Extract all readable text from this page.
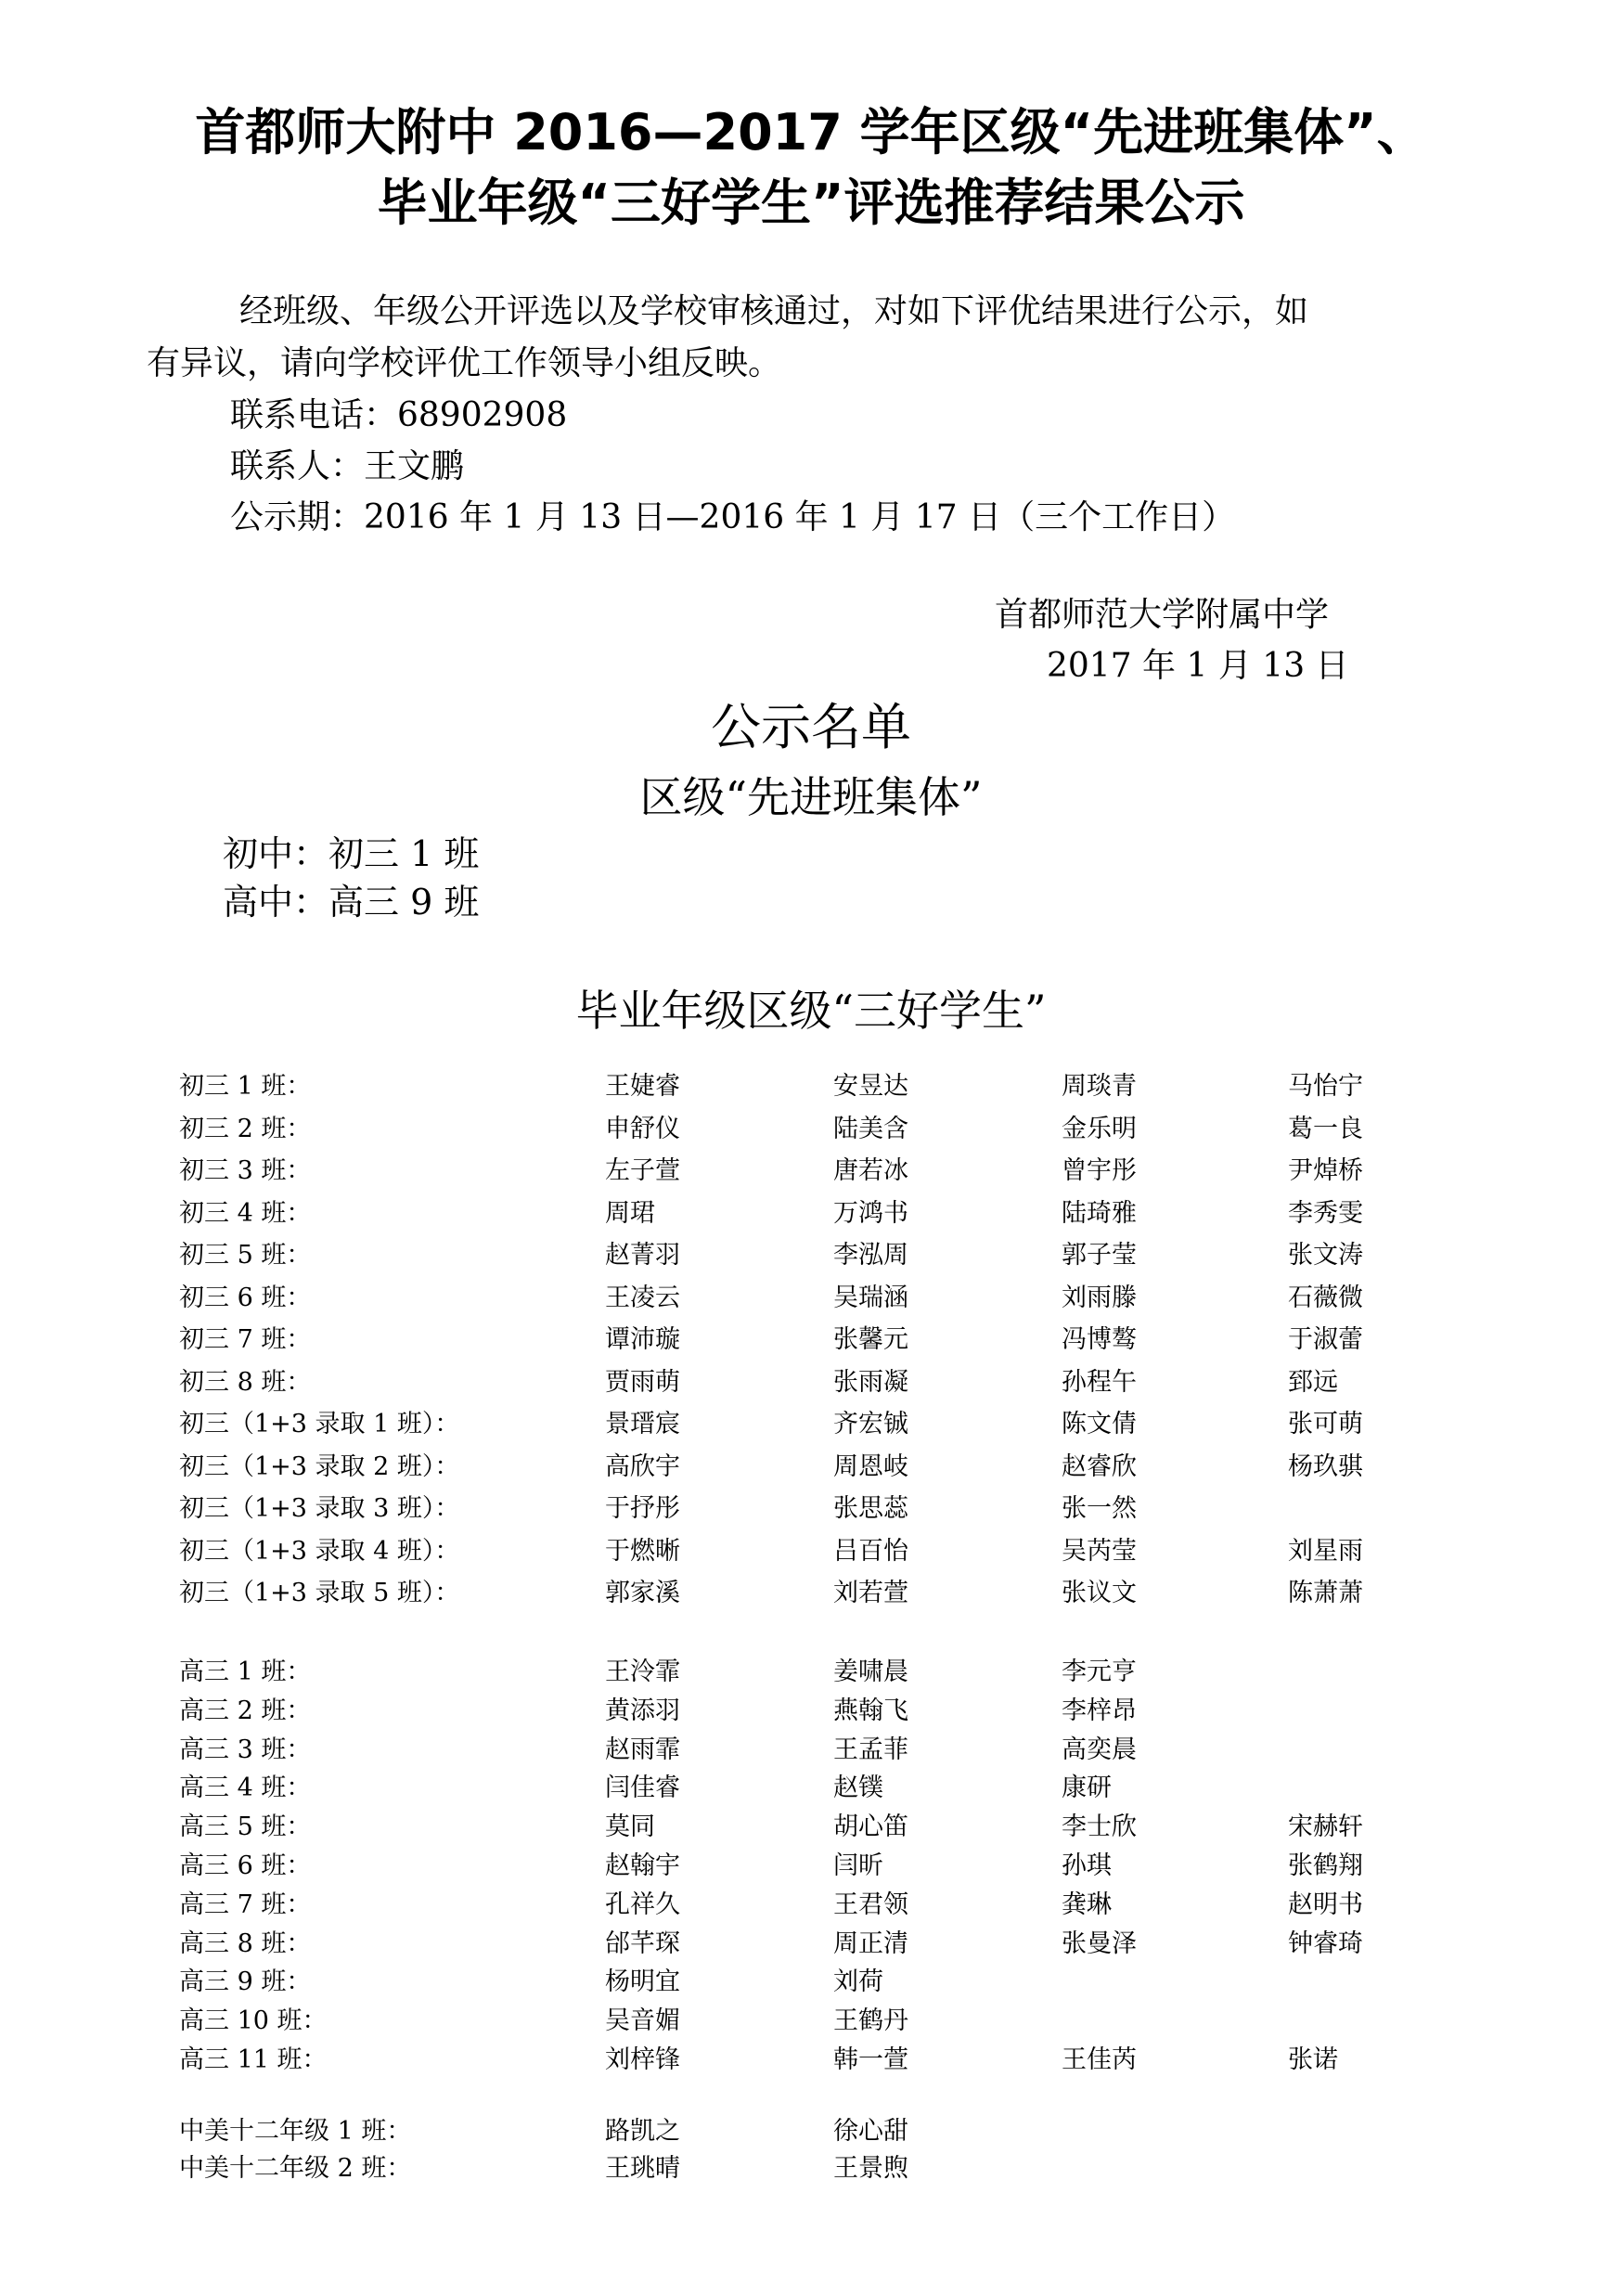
首都师大附中 2016—2017 学年区级“先进班集体”、
毕业年级“三好学生”评选推荐结果公示
经班级、年级公开评选以及学校审核通过，对如下评优结果进行公示，如
有异议，请向学校评优工作领导小组反映。
联系电话：68902908
联系人：王文鹏
公示期：2016 年 1 月 13 日—2016 年 1 月 17 日（三个工作日）
首都师范大学附属中学
2017 年 1 月 13 日
公示名单
区级“先进班集体”
初中：初三 1 班
高中：高三 9 班
毕业年级区级“三好学生”
初三 1 班：	王婕睿	安昱达	周琰青	马怡宁
初三 2 班：	申舒仪	陆美含	金乐明	葛一良
初三 3 班：	左子萱	唐若冰	曾宇彤	尹焯桥
初三 4 班：	周珺	万鸿书	陆琦雅	李秀雯
初三 5 班：	赵菁羽	李泓周	郭子莹	张文涛
初三 6 班：	王凌云	吴瑞涵	刘雨滕	石薇微
初三 7 班：	谭沛璇	张馨元	冯博骜	于淑蕾
初三 8 班：	贾雨萌	张雨凝	孙程午	郅远
初三（1+3 录取 1 班）：	景瑨宸	齐宏铖	陈文倩	张可萌
初三（1+3 录取 2 班）：	高欣宇	周恩岐	赵睿欣	杨玖骐
初三（1+3 录取 3 班）：	于抒彤	张思蕊	张一然
初三（1+3 录取 4 班）：	于燃晰	吕百怡	吴芮莹	刘星雨
初三（1+3 录取 5 班）：	郭家溪	刘若萱	张议文	陈萧萧
高三 1 班：	王泠霏	姜啸晨	李元亨
高三 2 班：	黄添羽	燕翰飞	李梓昂
高三 3 班：	赵雨霏	王孟菲	高奕晨
高三 4 班：	闫佳睿	赵镤	康研
高三 5 班：	莫同	胡心笛	李士欣	宋赫轩
高三 6 班：	赵翰宇	闫昕	孙琪	张鹤翔
高三 7 班：	孔祥久	王君领	龚琳	赵明书
高三 8 班：	邰芊琛	周正清	张曼泽	钟睿琦
高三 9 班：	杨明宜	刘荷
高三 10 班：	吴音媚	王鹤丹
高三 11 班：	刘梓锋	韩一萱	王佳芮	张诺
中美十二年级 1 班：	路凯之	徐心甜
中美十二年级 2 班：	王珧晴	王景煦
